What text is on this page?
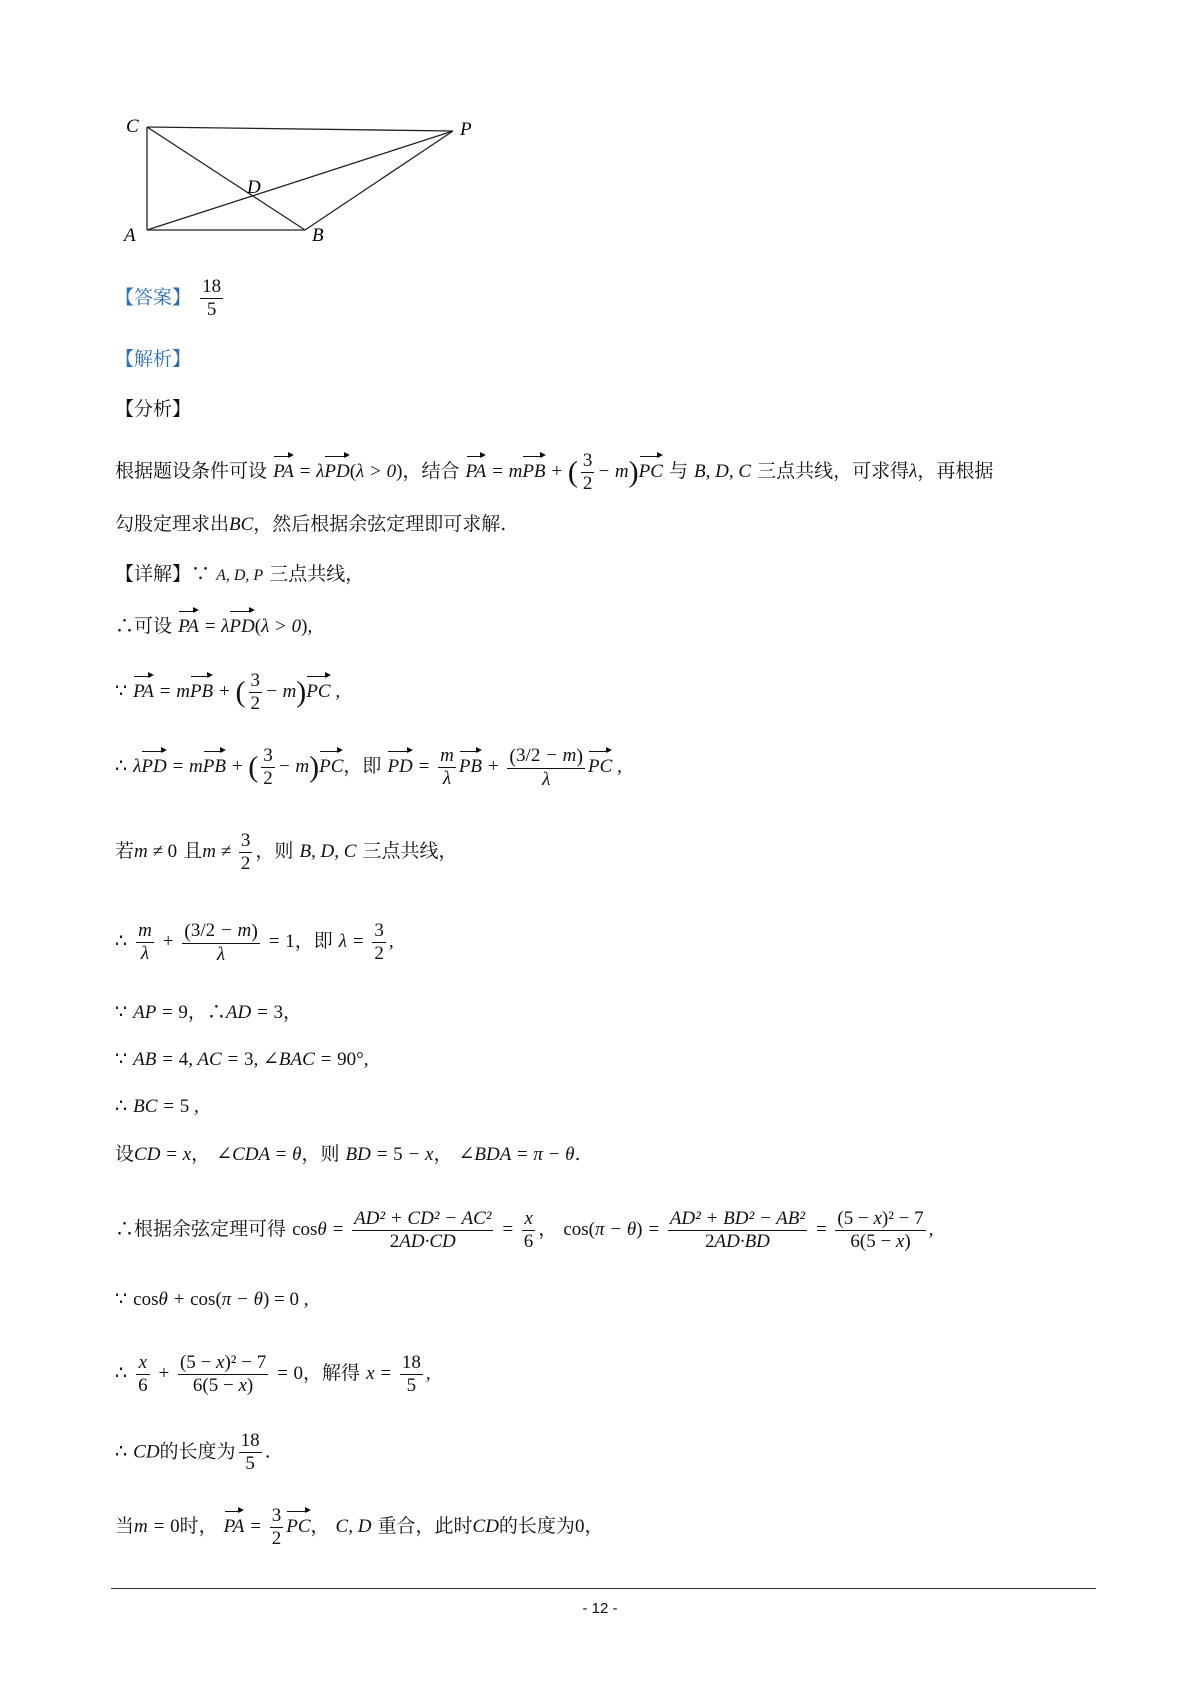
C	P
D
A	B
【答案】 $\frac{18}{5}$
【解析】
【分析】
根据题设条件可设 PA = λPD(λ > 0)，结合 PA = mPB + ( $\frac{3}{2} - m)PC$ 与 B, D, C 三点共线，可求得λ，再根据
勾股定理求出BC，然后根据余弦定理即可求解.
【详解】∵ A, D, P 三点共线，
∴可设 PA = λPD(λ > 0),
∵ PA = mPB + ( $\frac{3}{2} - m)PC$ ,
∴ λPD = mPB + ( $\frac{3}{2} - m)PC$，即 PD = $\frac{m}{\lambda}$ PB + $\frac{(3/2 - m)}{\lambda}$ PC ,
若m ≠ 0 且$m \ne \frac{3}{2}$ ，则 B, D, C 三点共线，
∴ $\frac{m}{\lambda} + \frac{(3/2 - m)}{\lambda} = 1$，即 $\lambda = \frac{3}{2}$ ,
∵ AP = 9，∴AD = 3，
∵ AB = 4, AC = 3, ∠BAC = 90°,
∴ BC = 5 ,
设CD = x， ∠CDA = θ，则 BD = 5 − x， ∠BDA = π − θ.
∴根据余弦定理可得 $\cos\theta = \frac{\text{AD² + CD² − AC²}}{2AD\cdot CD} = \frac{x}{6}$ ， $\cos(\pi - \theta) = \frac{\text{AD² + BD² − AB²}}{2AD\cdot BD} = \frac{\text{(5 − x)² − 7}}{6(5 - x)}$ ,
∵ cosθ + cos(π − θ) = 0 ,
∴ $\frac{x}{6} + \frac{\text{(5 − x)² − 7}}{6(5 - x)} = 0$，解得 $x = \frac{18}{5}$ ,
∴ CD的长度为 $\frac{18}{5}$ .
当m = 0时， PA = $\frac{3}{2}$ PC， C, D 重合，此时CD的长度为0，
- 12 -
